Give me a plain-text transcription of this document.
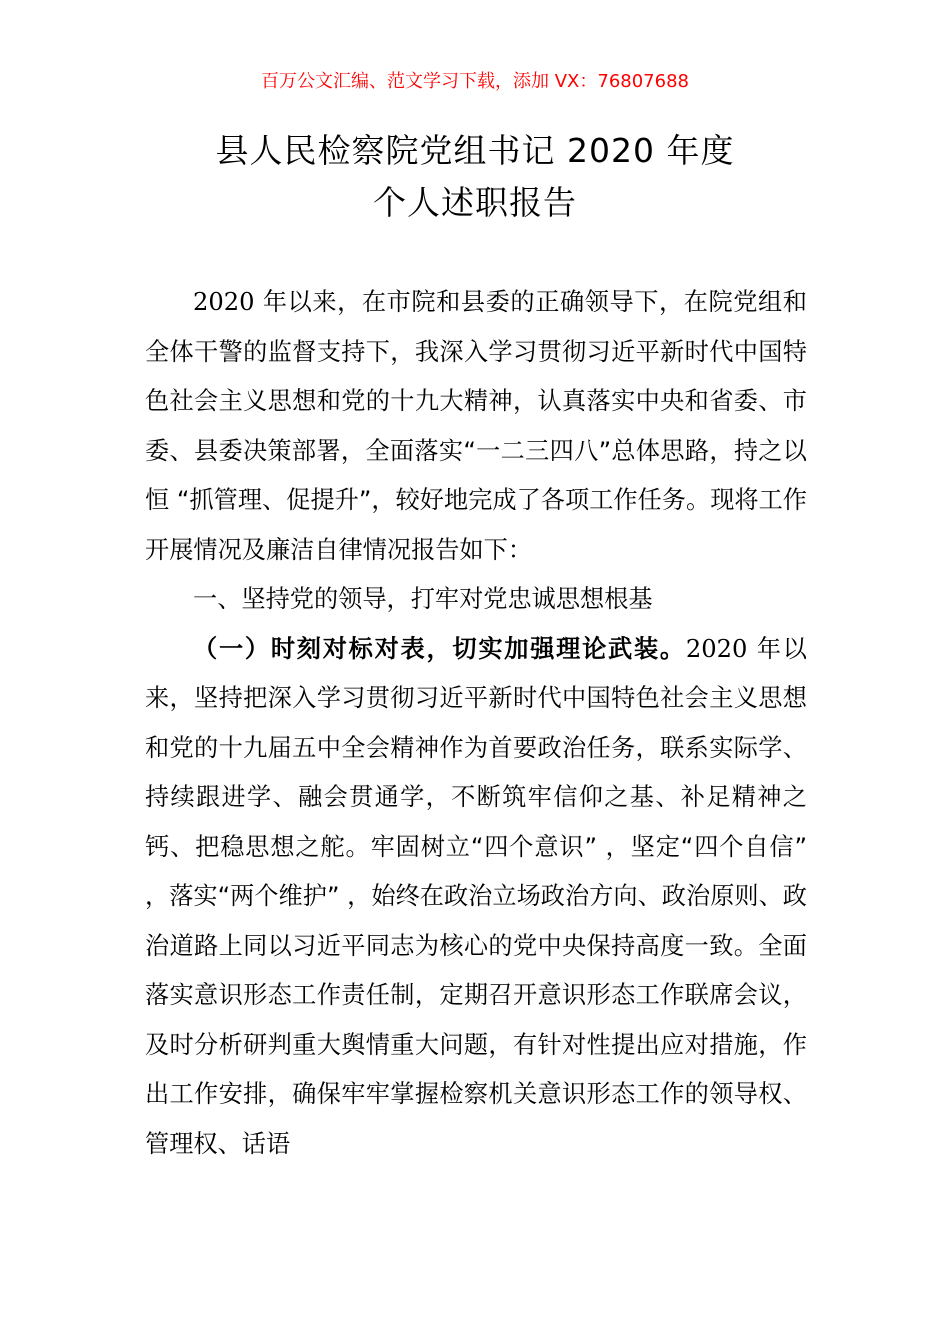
百万公文汇编、范文学习下载，添加 VX：76807688
县人民检察院党组书记 2020 年度
个人述职报告

2020 年以来，在市院和县委的正确领导下，在院党组和全体干警的监督支持下，我深入学习贯彻习近平新时代中国特色社会主义思想和党的十九大精神，认真落实中央和省委、市委、县委决策部署，全面落实“一二三四八”总体思路，持之以恒 “抓管理、促提升”，较好地完成了各项工作任务。现将工作开展情况及廉洁自律情况报告如下：

一、坚持党的领导，打牢对党忠诚思想根基

（一）时刻对标对表，切实加强理论武装。2020 年以来，坚持把深入学习贯彻习近平新时代中国特色社会主义思想和党的十九届五中全会精神作为首要政治任务，联系实际学、持续跟进学、融会贯通学，不断筑牢信仰之基、补足精神之钙、把稳思想之舵。牢固树立“四个意识” ，坚定“四个自信” ，落实“两个维护” ，始终在政治立场政治方向、政治原则、政治道路上同以习近平同志为核心的党中央保持高度一致。全面落实意识形态工作责任制，定期召开意识形态工作联席会议，及时分析研判重大舆情重大问题，有针对性提出应对措施，作出工作安排，确保牢牢掌握检察机关意识形态工作的领导权、管理权、话语
